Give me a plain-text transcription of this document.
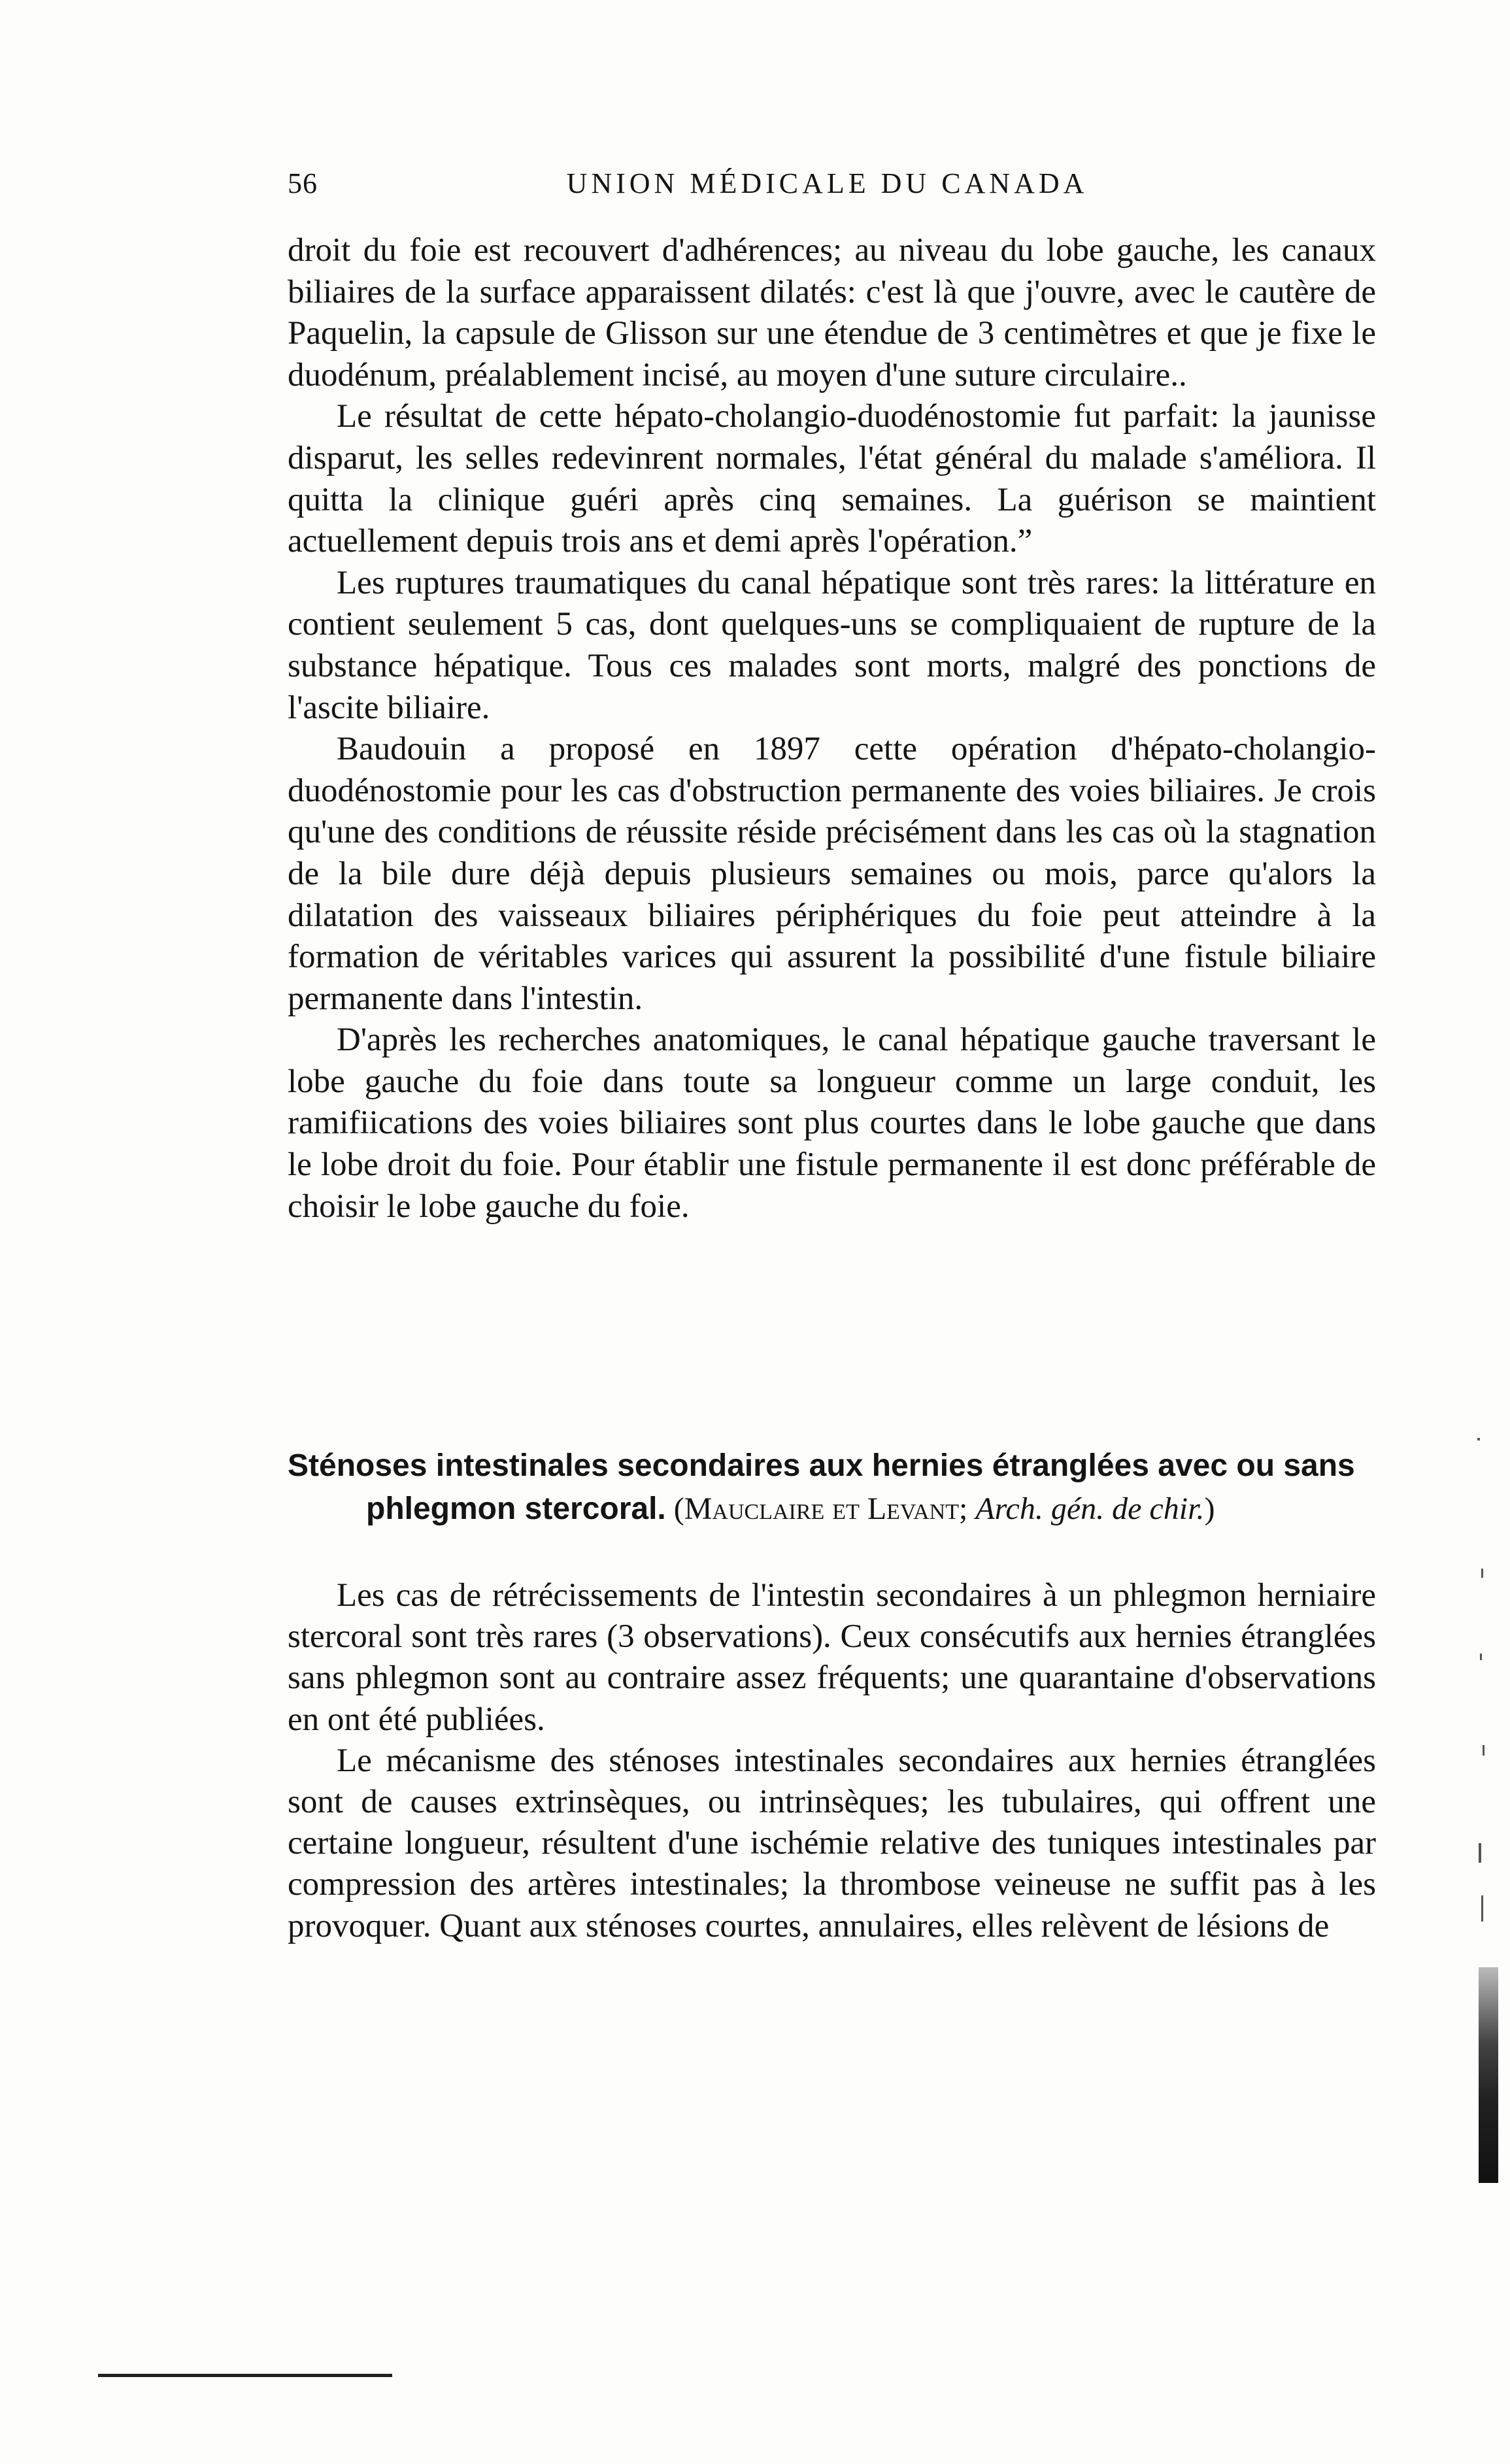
56	UNION MÉDICALE DU CANADA

droit du foie est recouvert d'adhérences; au niveau du lobe gauche, les canaux biliaires de la surface apparaissent dilatés: c'est là que j'ouvre, avec le cautère de Paquelin, la capsule de Glisson sur une étendue de 3 centimètres et que je fixe le duodénum, préalablement incisé, au moyen d'une suture circulaire..

Le résultat de cette hépato-cholangio-duodénostomie fut parfait: la jaunisse disparut, les selles redevinrent normales, l'état général du malade s'améliora. Il quitta la clinique guéri après cinq semaines. La guérison se maintient actuellement depuis trois ans et demi après l'opération.”

Les ruptures traumatiques du canal hépatique sont très rares: la littérature en contient seulement 5 cas, dont quelques-uns se compliquaient de rupture de la substance hépatique. Tous ces malades sont morts, malgré des ponctions de l'ascite biliaire.

Baudouin a proposé en 1897 cette opération d'hépato-cholangio-duodénostomie pour les cas d'obstruction permanente des voies biliaires. Je crois qu'une des conditions de réussite réside précisément dans les cas où la stagnation de la bile dure déjà depuis plusieurs semaines ou mois, parce qu'alors la dilatation des vaisseaux biliaires périphériques du foie peut atteindre à la formation de véritables varices qui assurent la possibilité d'une fistule biliaire permanente dans l'intestin.

D'après les recherches anatomiques, le canal hépatique gauche traversant le lobe gauche du foie dans toute sa longueur comme un large conduit, les ramifiications des voies biliaires sont plus courtes dans le lobe gauche que dans le lobe droit du foie. Pour établir une fistule permanente il est donc préférable de choisir le lobe gauche du foie.

Sténoses intestinales secondaires aux hernies étranglées avec ou sans
phlegmon stercoral. (Mauclaire et Levant; Arch. gén. de chir.)

Les cas de rétrécissements de l'intestin secondaires à un phlegmon herniaire stercoral sont très rares (3 observations). Ceux consécutifs aux hernies étranglées sans phlegmon sont au contraire assez fréquents; une quarantaine d'observations en ont été publiées.

Le mécanisme des sténoses intestinales secondaires aux hernies étranglées sont de causes extrinsèques, ou intrinsèques; les tubulaires, qui offrent une certaine longueur, résultent d'une ischémie relative des tuniques intestinales par compression des artères intestinales; la thrombose veineuse ne suffit pas à les provoquer. Quant aux sténoses courtes, annulaires, elles relèvent de lésions de
